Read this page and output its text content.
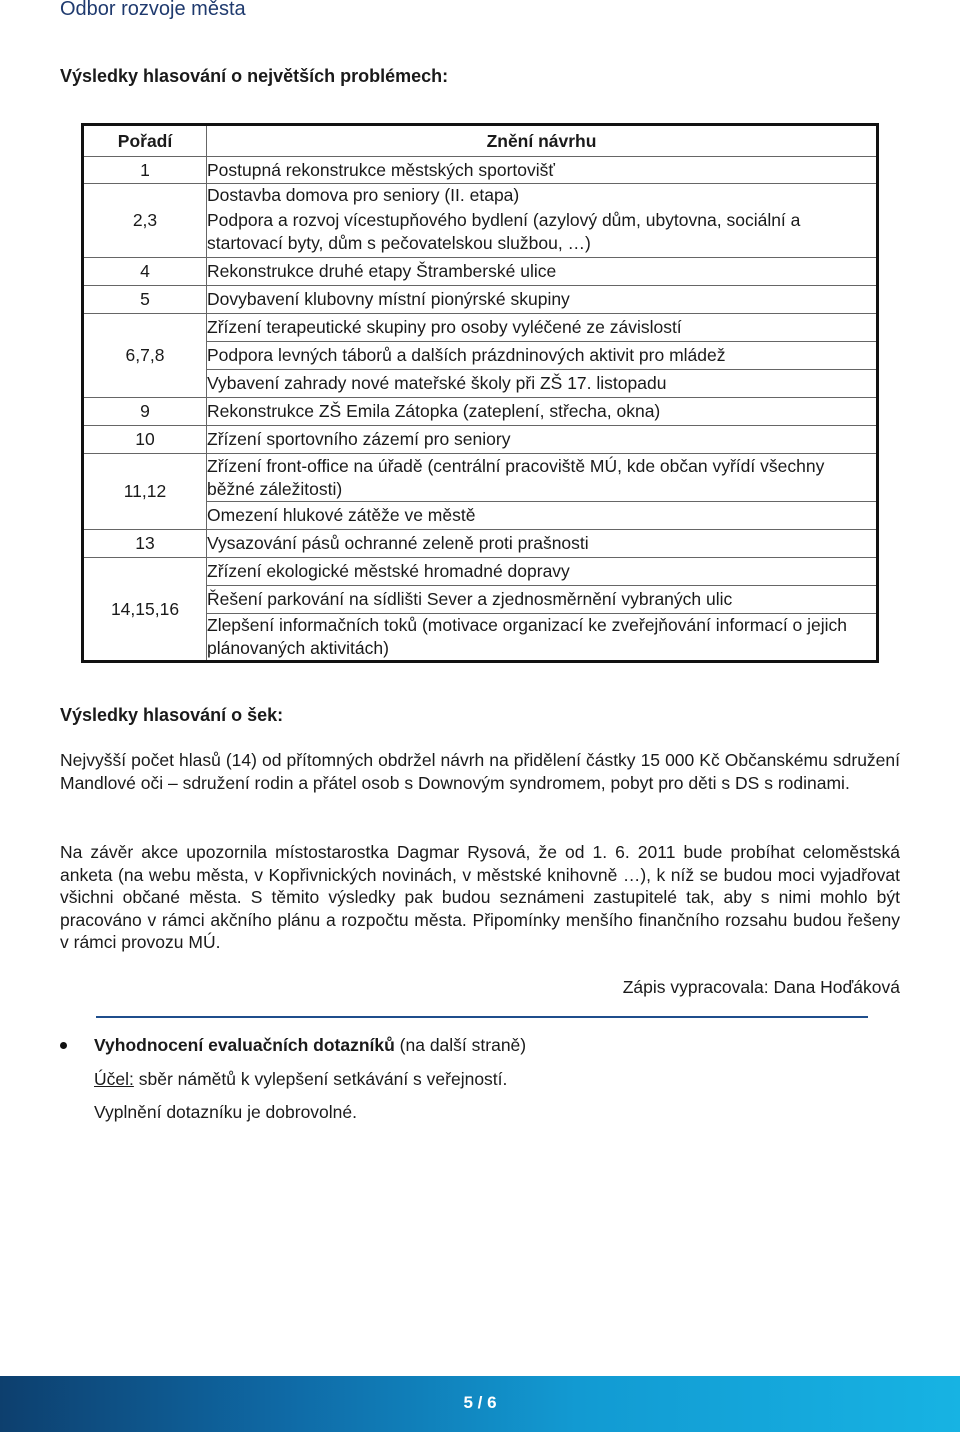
Odbor rozvoje města
Výsledky hlasování o největších problémech:
Pořadí	Znění návrhu
1	Postupná rekonstrukce městských sportovišť
2,3	Dostavba domova pro seniory (II. etapa)
	Podpora a rozvoj vícestupňového bydlení (azylový dům, ubytovna, sociální a startovací byty, dům s pečovatelskou službou, …)
4	Rekonstrukce druhé etapy Štramberské ulice
5	Dovybavení klubovny místní pionýrské skupiny
6,7,8	Zřízení terapeutické skupiny pro osoby vyléčené ze závislostí
	Podpora levných táborů a dalších prázdninových aktivit pro mládež
	Vybavení zahrady nové mateřské školy při ZŠ 17. listopadu
9	Rekonstrukce ZŠ Emila Zátopka (zateplení, střecha, okna)
10	Zřízení sportovního zázemí pro seniory
11,12	Zřízení front-office na úřadě (centrální pracoviště MÚ, kde občan vyřídí všechny běžné záležitosti)
	Omezení hlukové zátěže ve městě
13	Vysazování pásů ochranné zeleně proti prašnosti
14,15,16	Zřízení ekologické městské hromadné dopravy
	Řešení parkování na sídlišti Sever a zjednosměrnění vybraných ulic
	Zlepšení informačních toků (motivace organizací ke zveřejňování informací o jejich plánovaných aktivitách)
Výsledky hlasování o šek:
Nejvyšší počet hlasů (14) od přítomných obdržel návrh na přidělení částky 15 000 Kč Občanskému sdružení Mandlové oči – sdružení rodin a přátel osob s Downovým syndromem, pobyt pro děti s DS s rodinami.
Na závěr akce upozornila místostarostka Dagmar Rysová, že od 1. 6. 2011 bude probíhat celoměstská anketa (na webu města, v Kopřivnických novinách, v městské knihovně …), k níž se budou moci vyjadřovat všichni občané města. S těmito výsledky pak budou seznámeni zastupitelé tak, aby s nimi mohlo být pracováno v rámci akčního plánu a rozpočtu města. Připomínky menšího finančního rozsahu budou řešeny v rámci provozu MÚ.
Zápis vypracovala: Dana Hoďáková
Vyhodnocení evaluačních dotazníků (na další straně)
Účel: sběr námětů k vylepšení setkávání s veřejností.
Vyplnění dotazníku je dobrovolné.
5 / 6
